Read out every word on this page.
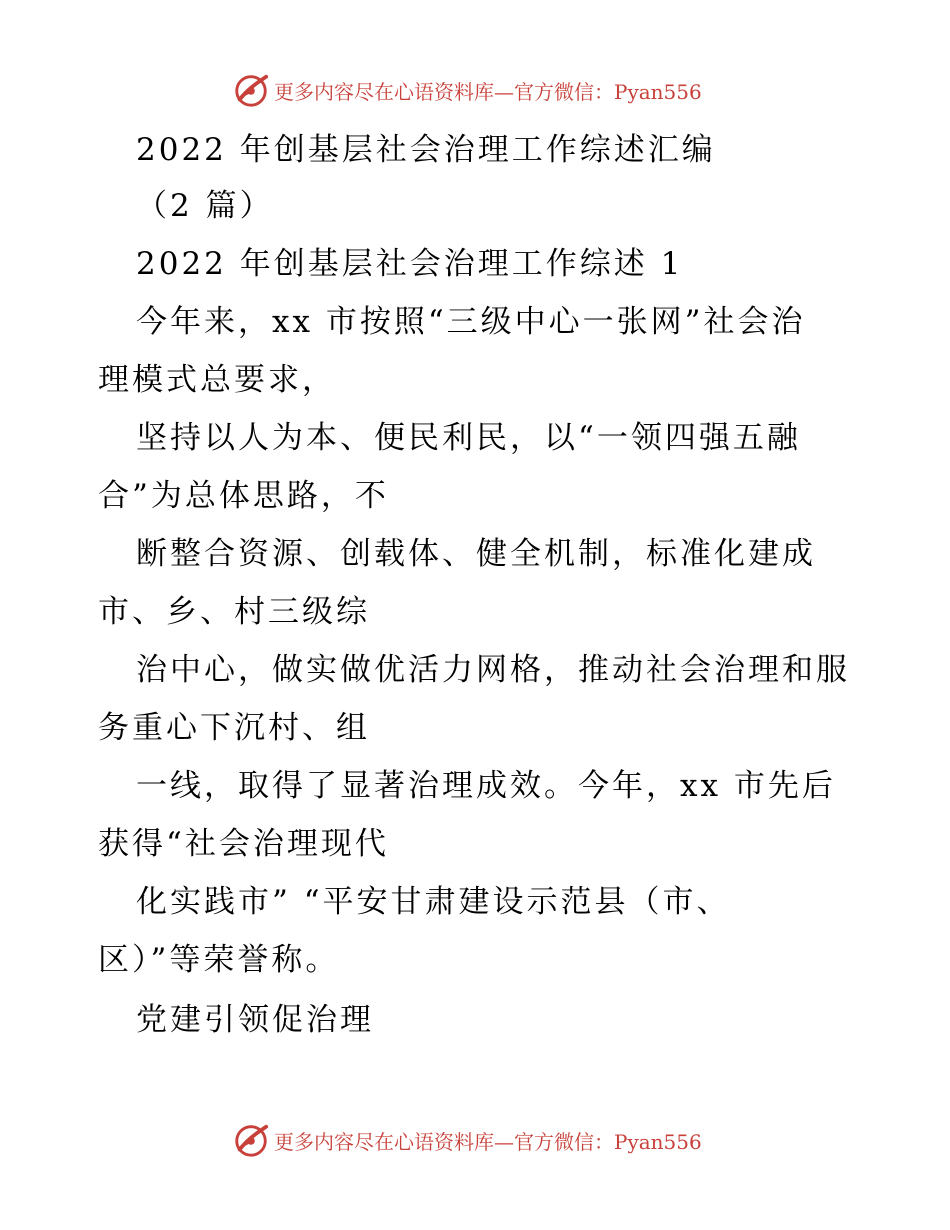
更多内容尽在心语资料库—官方微信：Pyan556
2022 年创基层社会治理工作综述汇编
（2 篇）
2022 年创基层社会治理工作综述 1
今年来，xx 市按照“三级中心一张网”社会治
理模式总要求，
坚持以人为本、便民利民，以“一领四强五融
合”为总体思路，不
断整合资源、创载体、健全机制，标准化建成
市、乡、村三级综
治中心，做实做优活力网格，推动社会治理和服
务重心下沉村、组
一线，取得了显著治理成效。今年，xx 市先后
获得“社会治理现代
化实践市” “平安甘肃建设示范县（市、
区）”等荣誉称。
党建引领促治理
更多内容尽在心语资料库—官方微信：Pyan556
